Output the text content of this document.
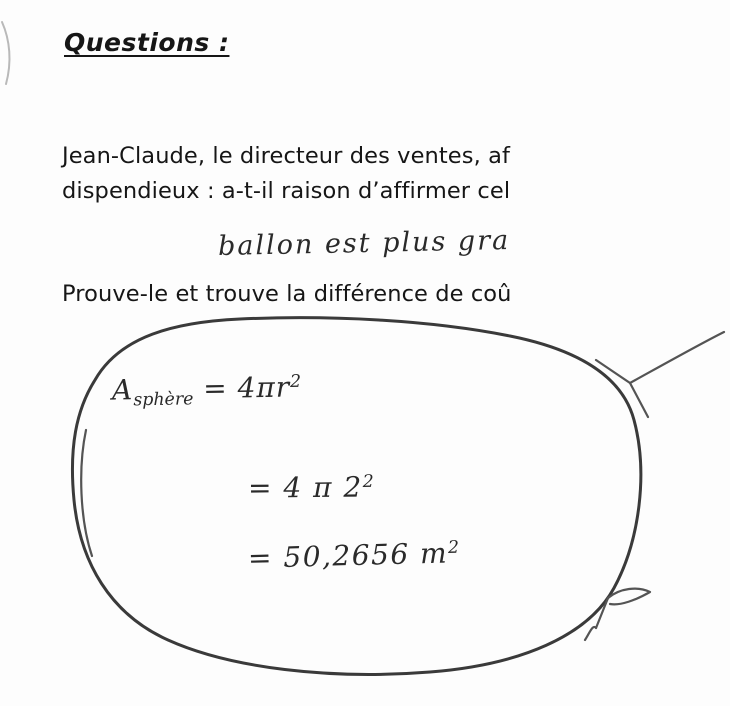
Questions :
Jean-Claude, le directeur des ventes, af
dispendieux : a-t-il raison d’affirmer cel
Prouve-le et trouve la différence de coû
ballon est plus gra
$A_{sphère} = 4\pi r^2$
= 4 π $2^2$
= 50,2656 $m^2$
